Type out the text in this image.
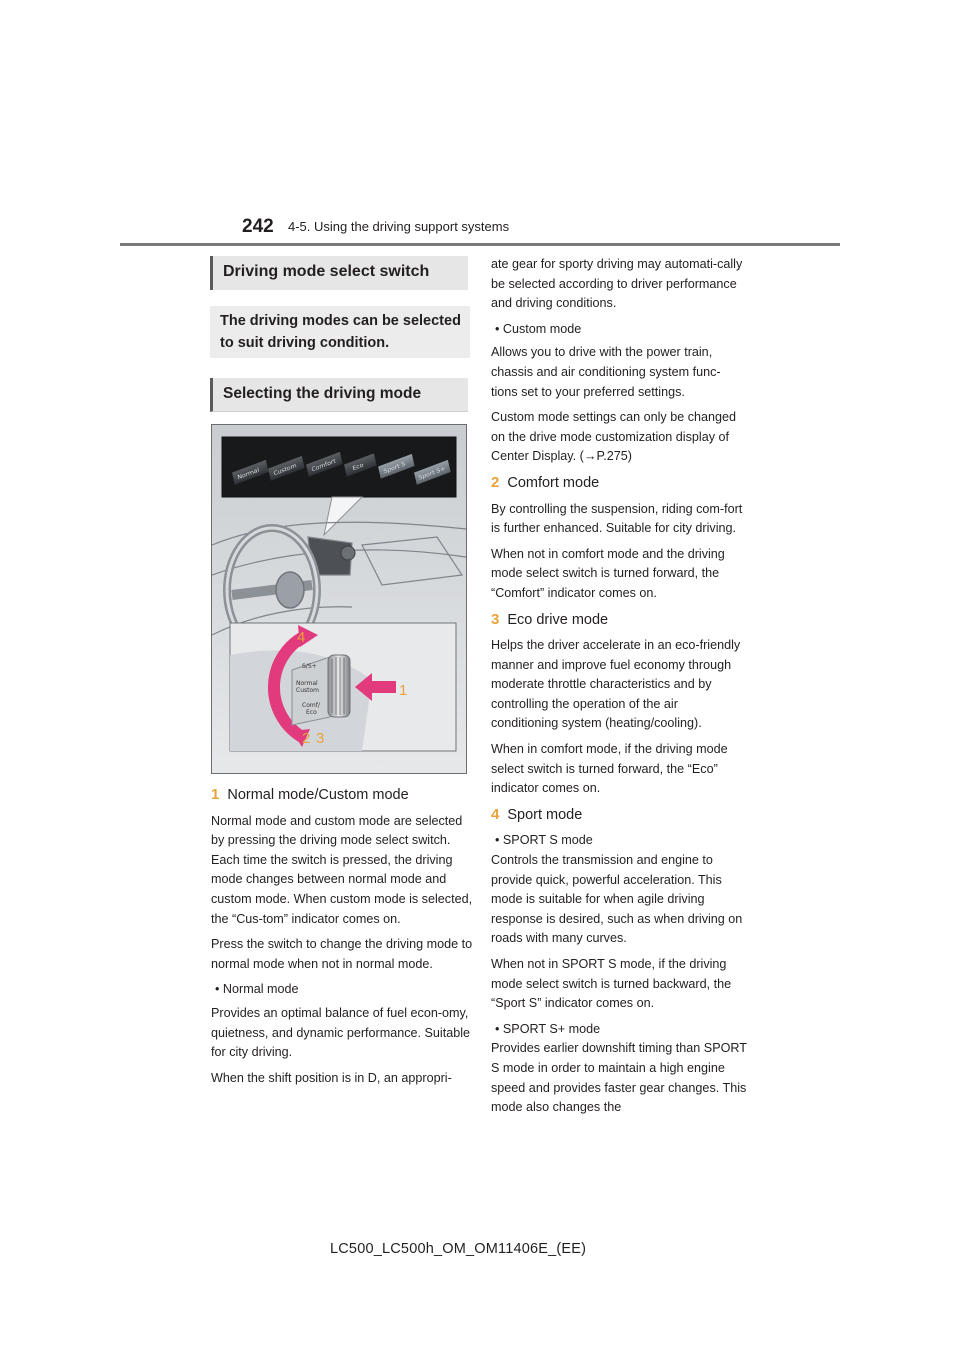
242 4-5. Using the driving support systems
Driving mode select switch
The driving modes can be selected to suit driving condition.
Selecting the driving mode
Normal Custom Comfort	Eco	Sport S Sport S+
S/S+
Normal
Custom
Comf/
Eco
4
1
2 3
1 Normal mode/Custom mode

Normal mode and custom mode are selected by pressing the driving mode select switch. Each time the switch is pressed, the driving mode changes between normal mode and custom mode. When custom mode is selected, the “Cus-tom” indicator comes on.

Press the switch to change the driving mode to normal mode when not in normal mode.

• Normal mode

Provides an optimal balance of fuel econ-omy, quietness, and dynamic performance. Suitable for city driving.

When the shift position is in D, an appropri-

ate gear for sporty driving may automati-cally be selected according to driver performance and driving conditions.

• Custom mode

Allows you to drive with the power train, chassis and air conditioning system func-tions set to your preferred settings.

Custom mode settings can only be changed on the drive mode customization display of Center Display. (→P.275)

2 Comfort mode

By controlling the suspension, riding com-fort is further enhanced. Suitable for city driving.

When not in comfort mode and the driving mode select switch is turned forward, the “Comfort” indicator comes on.

3 Eco drive mode

Helps the driver accelerate in an eco-friendly manner and improve fuel economy through moderate throttle characteristics and by controlling the operation of the air conditioning system (heating/cooling).

When in comfort mode, if the driving mode select switch is turned forward, the “Eco” indicator comes on.

4 Sport mode

• SPORT S mode

Controls the transmission and engine to provide quick, powerful acceleration. This mode is suitable for when agile driving response is desired, such as when driving on roads with many curves.

When not in SPORT S mode, if the driving mode select switch is turned backward, the “Sport S” indicator comes on.

• SPORT S+ mode

Provides earlier downshift timing than SPORT S mode in order to maintain a high engine speed and provides faster gear changes. This mode also changes the

LC500_LC500h_OM_OM11406E_(EE)
